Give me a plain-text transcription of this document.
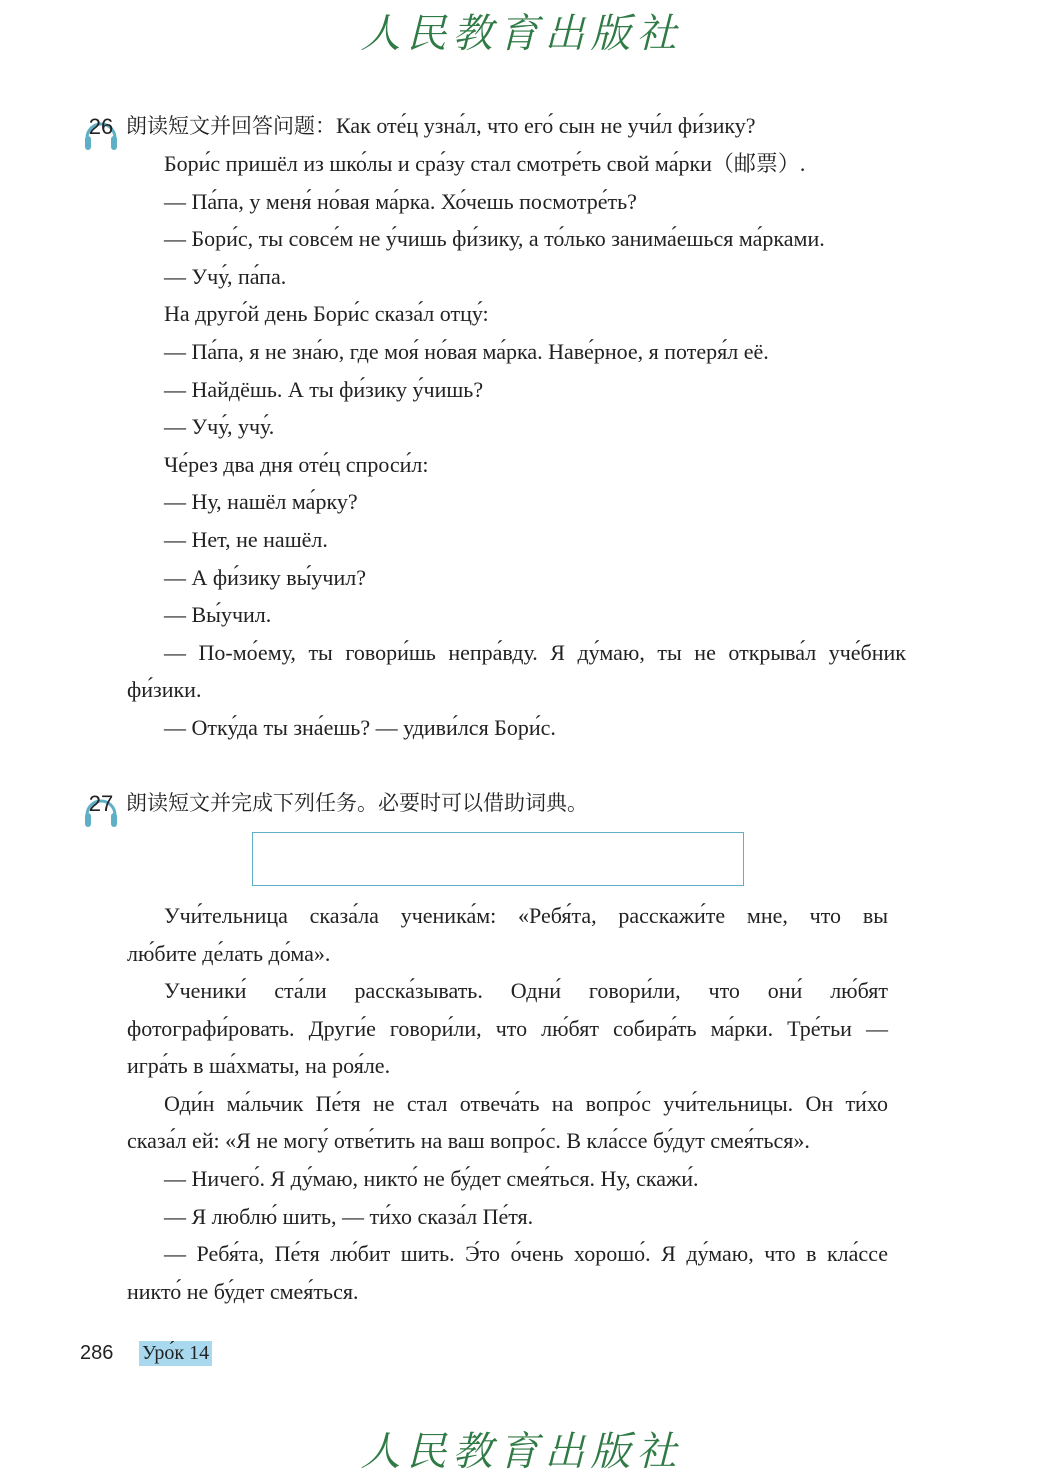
人民教育出版社
26 朗读短文并回答问题：Как оте́ц узна́л, что его́ сын не учи́л фи́зику?
Бори́с пришёл из шко́лы и сра́зу стал смотре́ть свой ма́рки（邮票）.
— Па́па, у меня́ но́вая ма́рка. Хо́чешь посмотре́ть?
— Бори́с, ты совсе́м не у́чишь фи́зику, а то́лько занима́ешься ма́рками.
— Учу́, па́па.
На друго́й день Бори́с сказа́л отцу́:
— Па́па, я не зна́ю, где моя́ но́вая ма́рка. Наве́рное, я потеря́л её.
— Найдёшь. А ты фи́зику у́чишь?
— Учу́, учу́.
Че́рез два дня оте́ц спроси́л:
— Ну, нашёл ма́рку?
— Нет, не нашёл.
— А фи́зику вы́учил?
— Вы́учил.
— По-мо́ему, ты говори́шь непра́вду. Я ду́маю, ты не открыва́л уче́бник
фи́зики.
— Отку́да ты зна́ешь? — удиви́лся Бори́с.
27 朗读短文并完成下列任务。必要时可以借助词典。
Учи́тельница сказа́ла ученика́м: «Ребя́та, расскажи́те мне, что вы
лю́бите де́лать до́ма».
Ученики́ ста́ли расска́зывать. Одни́ говори́ли, что они́ лю́бят
фотографи́ровать. Други́е говори́ли, что лю́бят собира́ть ма́рки. Тре́тьи —
игра́ть в ша́хматы, на роя́ле.
Оди́н ма́льчик Пе́тя не стал отвеча́ть на вопро́с учи́тельницы. Он ти́хо
сказа́л ей: «Я не могу́ отве́тить на ваш вопро́с. В кла́ссе бу́дут смея́ться».
— Ничего́. Я ду́маю, никто́ не бу́дет смея́ться. Ну, скажи́.
— Я люблю́ шить, — ти́хо сказа́л Пе́тя.
— Ребя́та, Пе́тя лю́бит шить. Э́то о́чень хорошо́. Я ду́маю, что в кла́ссе
никто́ не бу́дет смея́ться.
286 Уро́к 14
人民教育出版社
